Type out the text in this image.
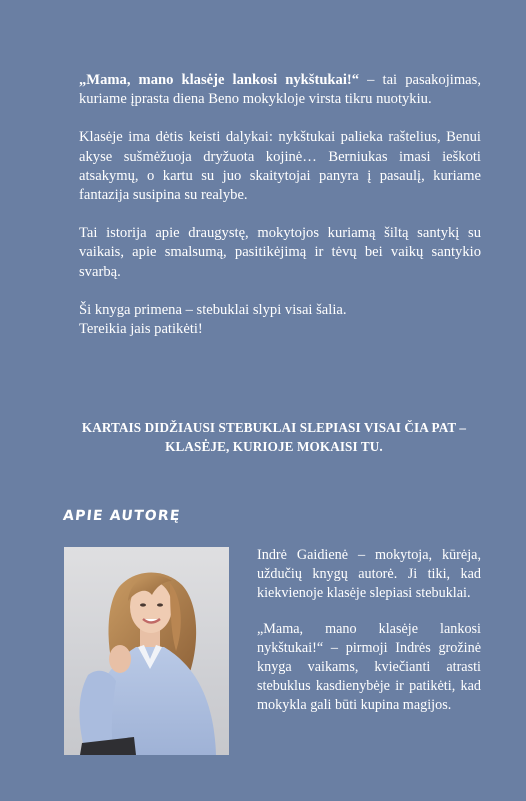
„Mama, mano klasėje lankosi nykštukai!“ – tai pasakojimas, kuriame įprasta diena Beno mokykloje virsta tikru nuotykiu.

Klasėje ima dėtis keisti dalykai: nykštukai palieka raštelius, Benui akyse sušmėžuoja dryžuota kojinė… Berniukas imasi ieškoti atsakymų, o kartu su juo skaitytojai panyra į pasaulį, kuriame fantazija susipina su realybe.

Tai istorija apie draugystę, mokytojos kuriamą šiltą santykį su vaikais, apie smalsumą, pasitikėjimą ir tėvų bei vaikų santykio svarbą.

Ši knyga primena – stebuklai slypi visai šalia.
Tereikia jais patikėti!

KARTAIS DIDŽIAUSI STEBUKLAI SLEPIASI VISAI ČIA PAT –
KLASĖJE, KURIOJE MOKAISI TU.
APIE AUTORĘ

Indrė Gaidienė – mokytoja, kūrėja, uždučių knygų autorė. Ji tiki, kad kiekvienoje klasėje slepiasi stebuklai.

„Mama, mano klasėje lankosi nykštukai!“ – pirmoji Indrės grožinė knyga vaikams, kviečianti atrasti stebuklus kasdienybėje ir patikėti, kad mokykla gali būti kupina magijos.
